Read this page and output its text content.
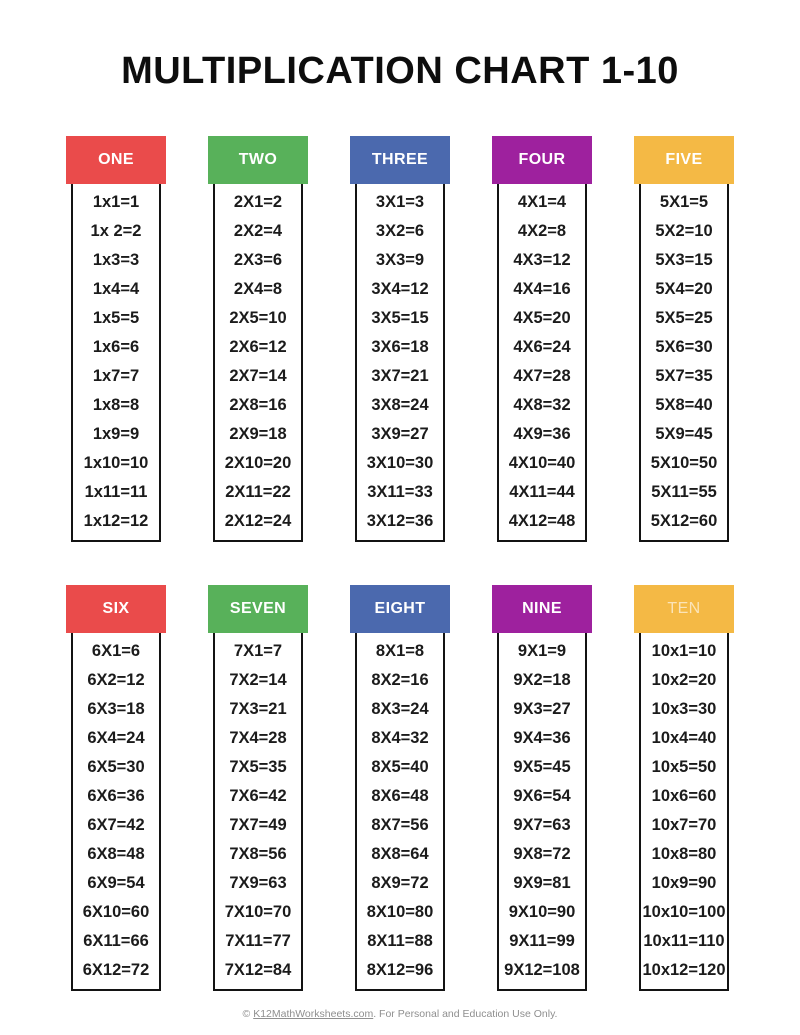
MULTIPLICATION CHART 1-10
ONE
1x1=1
1x 2=2
1x3=3
1x4=4
1x5=5
1x6=6
1x7=7
1x8=8
1x9=9
1x10=10
1x11=11
1x12=12
TWO
2X1=2
2X2=4
2X3=6
2X4=8
2X5=10
2X6=12
2X7=14
2X8=16
2X9=18
2X10=20
2X11=22
2X12=24
THREE
3X1=3
3X2=6
3X3=9
3X4=12
3X5=15
3X6=18
3X7=21
3X8=24
3X9=27
3X10=30
3X11=33
3X12=36
FOUR
4X1=4
4X2=8
4X3=12
4X4=16
4X5=20
4X6=24
4X7=28
4X8=32
4X9=36
4X10=40
4X11=44
4X12=48
FIVE
5X1=5
5X2=10
5X3=15
5X4=20
5X5=25
5X6=30
5X7=35
5X8=40
5X9=45
5X10=50
5X11=55
5X12=60
SIX
6X1=6
6X2=12
6X3=18
6X4=24
6X5=30
6X6=36
6X7=42
6X8=48
6X9=54
6X10=60
6X11=66
6X12=72
SEVEN
7X1=7
7X2=14
7X3=21
7X4=28
7X5=35
7X6=42
7X7=49
7X8=56
7X9=63
7X10=70
7X11=77
7X12=84
EIGHT
8X1=8
8X2=16
8X3=24
8X4=32
8X5=40
8X6=48
8X7=56
8X8=64
8X9=72
8X10=80
8X11=88
8X12=96
NINE
9X1=9
9X2=18
9X3=27
9X4=36
9X5=45
9X6=54
9X7=63
9X8=72
9X9=81
9X10=90
9X11=99
9X12=108
TEN
10x1=10
10x2=20
10x3=30
10x4=40
10x5=50
10x6=60
10x7=70
10x8=80
10x9=90
10x10=100
10x11=110
10x12=120
© K12MathWorksheets.com. For Personal and Education Use Only.
